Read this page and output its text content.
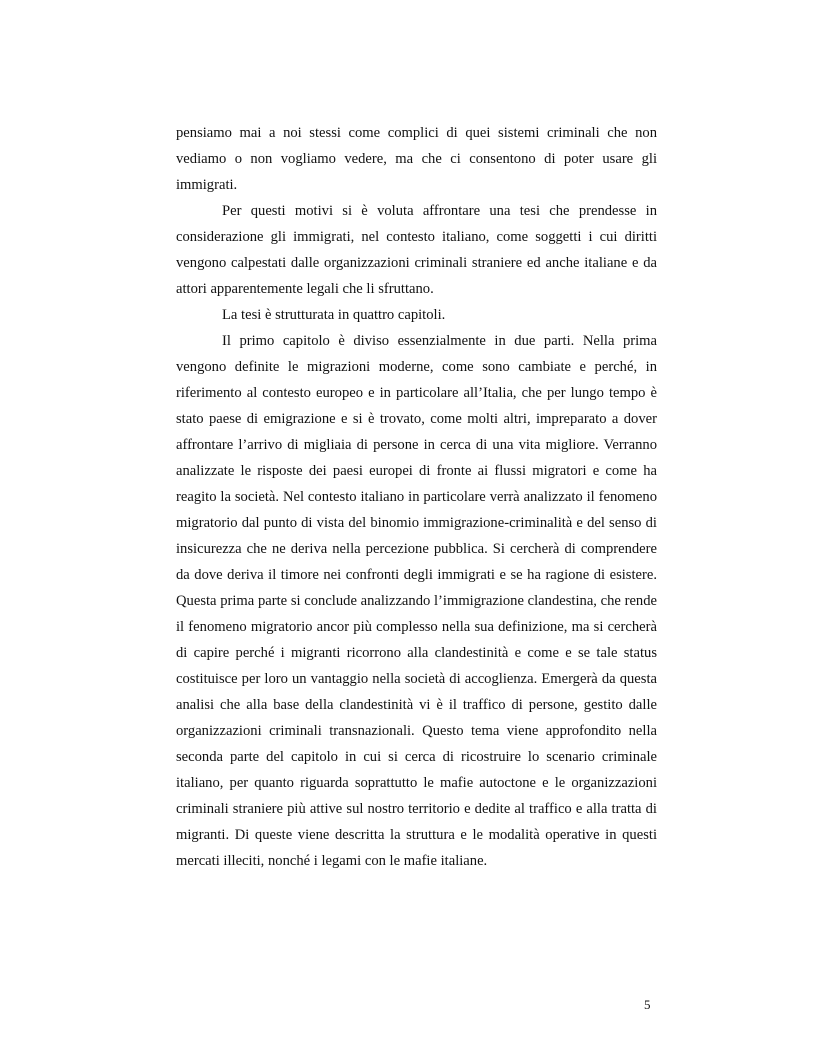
pensiamo mai a noi stessi come complici di quei sistemi criminali che non vediamo o non vogliamo vedere, ma che ci consentono di poter usare gli immigrati.

Per questi motivi si è voluta affrontare una tesi che prendesse in considerazione gli immigrati, nel contesto italiano, come soggetti i cui diritti vengono calpestati dalle organizzazioni criminali straniere ed anche italiane e da attori apparentemente legali che li sfruttano.

La tesi è strutturata in quattro capitoli.

Il primo capitolo è diviso essenzialmente in due parti. Nella prima vengono definite le migrazioni moderne, come sono cambiate e perché, in riferimento al contesto europeo e in particolare all’Italia, che per lungo tempo è stato paese di emigrazione e si è trovato, come molti altri, impreparato a dover affrontare l’arrivo di migliaia di persone in cerca di una vita migliore. Verranno analizzate le risposte dei paesi europei di fronte ai flussi migratori e come ha reagito la società. Nel contesto italiano in particolare verrà analizzato il fenomeno migratorio dal punto di vista del binomio immigrazione-criminalità e del senso di insicurezza che ne deriva nella percezione pubblica. Si cercherà di comprendere da dove deriva il timore nei confronti degli immigrati e se ha ragione di esistere. Questa prima parte si conclude analizzando l’immigrazione clandestina, che rende il fenomeno migratorio ancor più complesso nella sua definizione, ma si cercherà di capire perché i migranti ricorrono alla clandestinità e come e se tale status costituisce per loro un vantaggio nella società di accoglienza. Emergerà da questa analisi che alla base della clandestinità vi è il traffico di persone, gestito dalle organizzazioni criminali transnazionali. Questo tema viene approfondito nella seconda parte del capitolo in cui si cerca di ricostruire lo scenario criminale italiano, per quanto riguarda soprattutto le mafie autoctone e le organizzazioni criminali straniere più attive sul nostro territorio e dedite al traffico e alla tratta di migranti. Di queste viene descritta la struttura e le modalità operative in questi mercati illeciti, nonché i legami con le mafie italiane.

5
